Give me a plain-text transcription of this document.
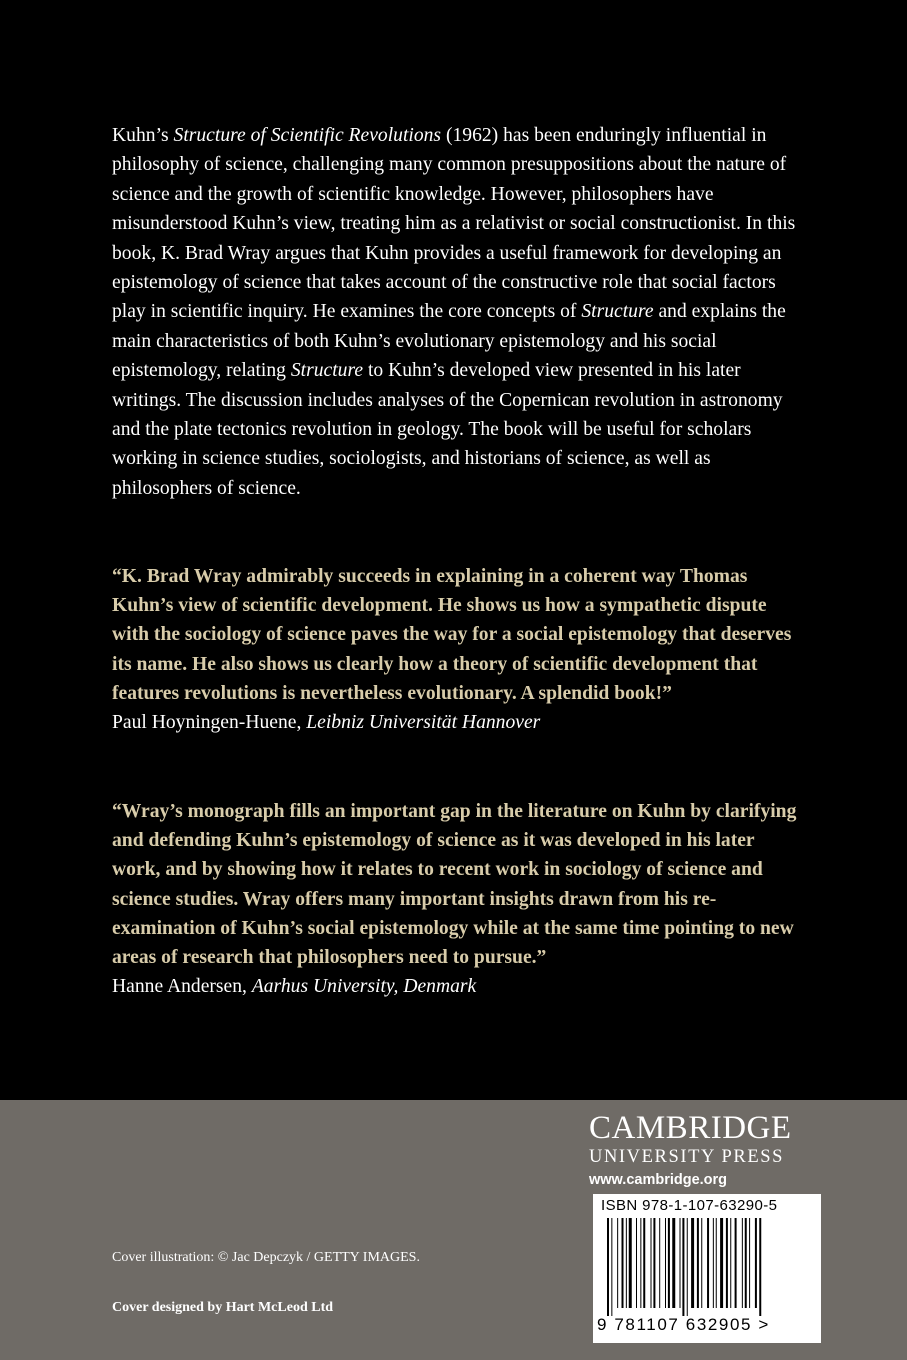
Kuhn’s Structure of Scientific Revolutions (1962) has been enduringly influential in philosophy of science, challenging many common presuppositions about the nature of science and the growth of scientific knowledge. However, philosophers have misunderstood Kuhn’s view, treating him as a relativist or social constructionist. In this book, K. Brad Wray argues that Kuhn provides a useful framework for developing an epistemology of science that takes account of the constructive role that social factors play in scientific inquiry. He examines the core concepts of Structure and explains the main characteristics of both Kuhn’s evolutionary epistemology and his social epistemology, relating Structure to Kuhn’s developed view presented in his later writings. The discussion includes analyses of the Copernican revolution in astronomy and the plate tectonics revolution in geology. The book will be useful for scholars working in science studies, sociologists, and historians of science, as well as philosophers of science.

“K. Brad Wray admirably succeeds in explaining in a coherent way Thomas Kuhn’s view of scientific development. He shows us how a sympathetic dispute with the sociology of science paves the way for a social epistemology that deserves its name. He also shows us clearly how a theory of scientific development that features revolutions is nevertheless evolutionary. A splendid book!”

Paul Hoyningen-Huene, Leibniz Universität Hannover

“Wray’s monograph fills an important gap in the literature on Kuhn by clarifying and defending Kuhn’s epistemology of science as it was developed in his later work, and by showing how it relates to recent work in sociology of science and science studies. Wray offers many important insights drawn from his re-examination of Kuhn’s social epistemology while at the same time pointing to new areas of research that philosophers need to pursue.”

Hanne Andersen, Aarhus University, Denmark
CAMBRIDGE
UNIVERSITY PRESS
www.cambridge.org
ISBN 978-1-107-63290-5
9 781107 632905 >
Cover illustration: © Jac Depczyk / GETTY IMAGES.
Cover designed by Hart McLeod Ltd
